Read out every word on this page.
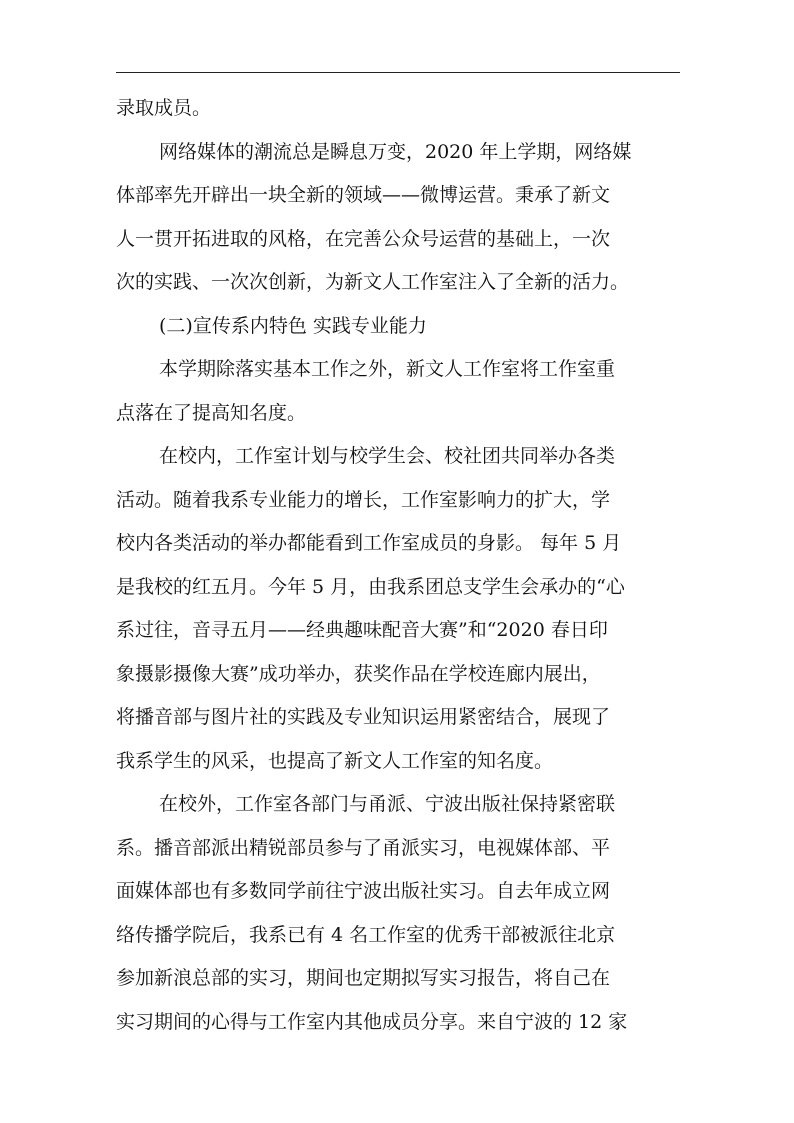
录取成员。
网络媒体的潮流总是瞬息万变，2020 年上学期，网络媒
体部率先开辟出一块全新的领域——微博运营。秉承了新文
人一贯开拓进取的风格，在完善公众号运营的基础上，一次
次的实践、一次次创新，为新文人工作室注入了全新的活力。
(二)宣传系内特色 实践专业能力
本学期除落实基本工作之外，新文人工作室将工作室重
点落在了提高知名度。
在校内，工作室计划与校学生会、校社团共同举办各类
活动。随着我系专业能力的增长，工作室影响力的扩大，学
校内各类活动的举办都能看到工作室成员的身影。 每年 5 月
是我校的红五月。今年 5 月，由我系团总支学生会承办的“心
系过往，音寻五月——经典趣味配音大赛”和“2020 春日印
象摄影摄像大赛”成功举办，获奖作品在学校连廊内展出，
将播音部与图片社的实践及专业知识运用紧密结合，展现了
我系学生的风采，也提高了新文人工作室的知名度。
在校外，工作室各部门与甬派、宁波出版社保持紧密联
系。播音部派出精锐部员参与了甬派实习，电视媒体部、平
面媒体部也有多数同学前往宁波出版社实习。自去年成立网
络传播学院后，我系已有 4 名工作室的优秀干部被派往北京
参加新浪总部的实习，期间也定期拟写实习报告，将自己在
实习期间的心得与工作室内其他成员分享。来自宁波的 12 家
